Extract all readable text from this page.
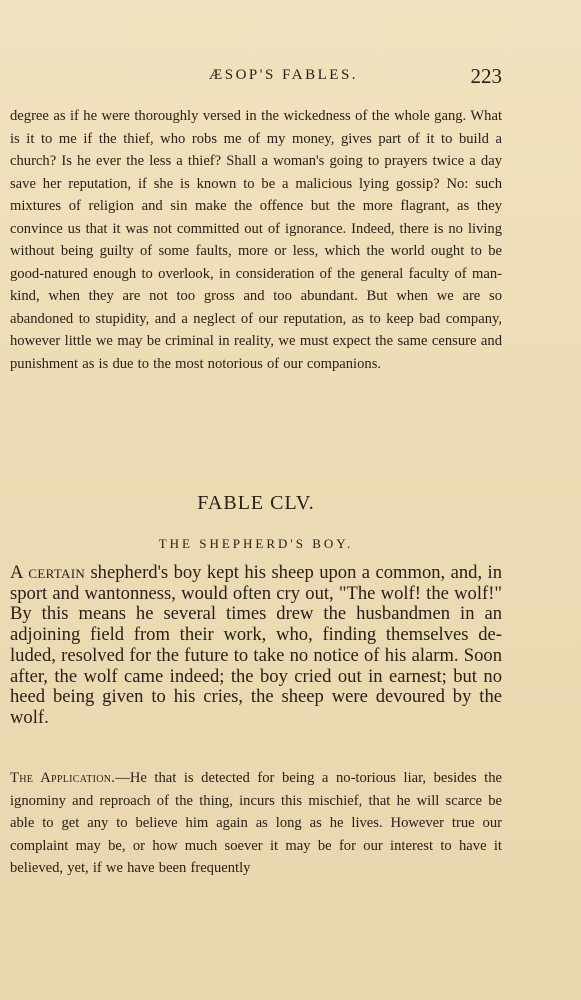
ÆSOP'S FABLES.	223
degree as if he were thoroughly versed in the wickedness of the whole gang. What is it to me if the thief, who robs me of my money, gives part of it to build a church? Is he ever the less a thief? Shall a woman's going to prayers twice a day save her reputation, if she is known to be a malicious lying gossip? No: such mixtures of religion and sin make the offence but the more flagrant, as they convince us that it was not committed out of ignorance. Indeed, there is no living without being guilty of some faults, more or less, which the world ought to be good-natured enough to overlook, in consideration of the general faculty of man-kind, when they are not too gross and too abundant. But when we are so abandoned to stupidity, and a neglect of our reputation, as to keep bad company, however little we may be criminal in reality, we must expect the same censure and punishment as is due to the most notorious of our companions.
FABLE CLV.
THE SHEPHERD'S BOY.
A certain shepherd's boy kept his sheep upon a common, and, in sport and wantonness, would often cry out, "The wolf! the wolf!" By this means he several times drew the husbandmen in an adjoining field from their work, who, finding themselves de-luded, resolved for the future to take no notice of his alarm. Soon after, the wolf came indeed; the boy cried out in earnest; but no heed being given to his cries, the sheep were devoured by the wolf.
The Application.—He that is detected for being a no-torious liar, besides the ignominy and reproach of the thing, incurs this mischief, that he will scarce be able to get any to believe him again as long as he lives. However true our complaint may be, or how much soever it may be for our interest to have it believed, yet, if we have been frequently
